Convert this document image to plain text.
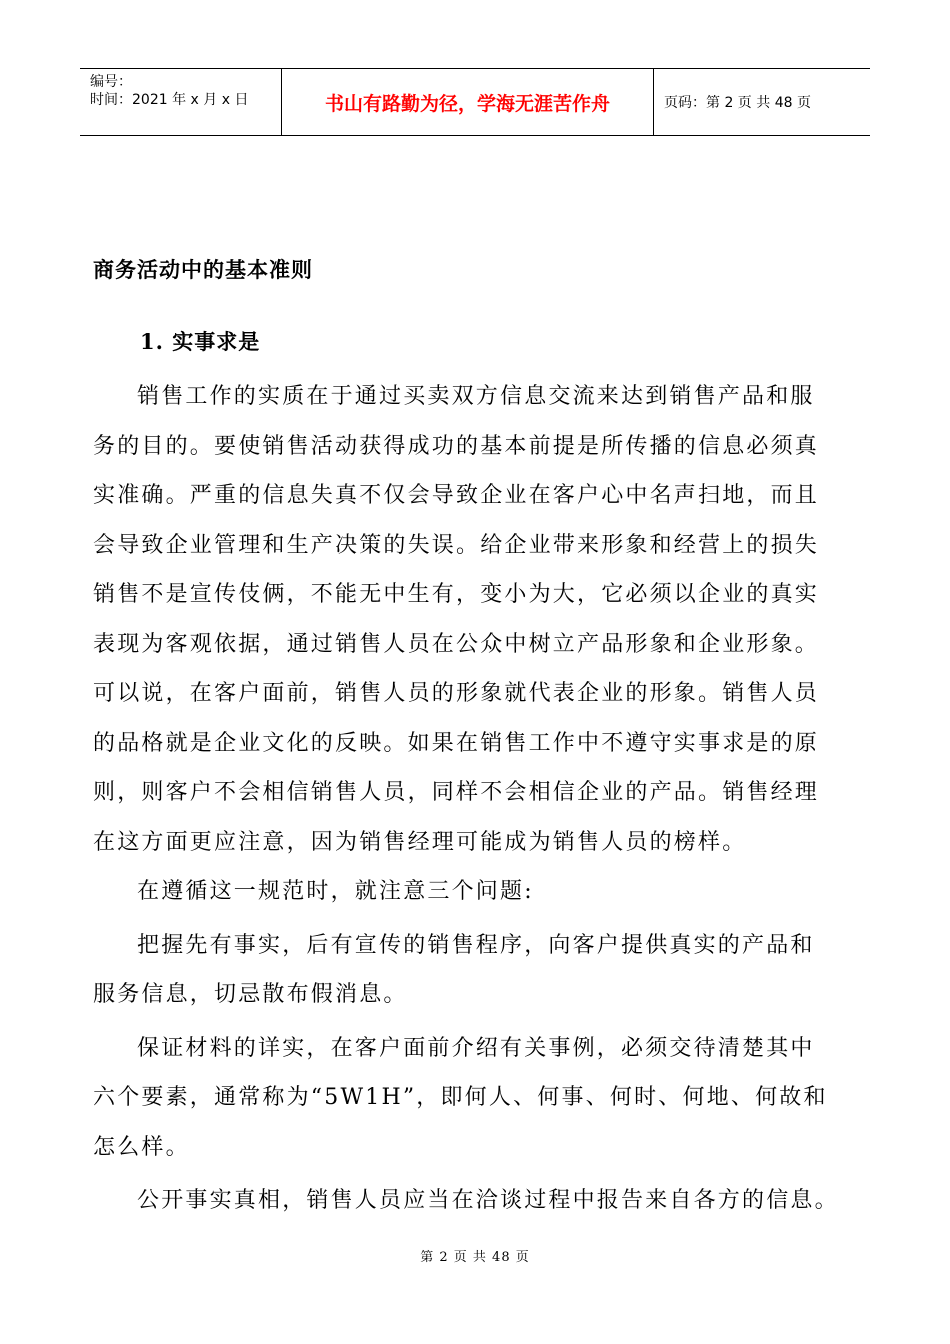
编号：
时间：2021 年 x 月 x 日	书山有路勤为径，学海无涯苦作舟	页码：第 2 页 共 48 页
商务活动中的基本准则
1. 实事求是

销售工作的实质在于通过买卖双方信息交流来达到销售产品和服
务的目的。要使销售活动获得成功的基本前提是所传播的信息必须真
实准确。严重的信息失真不仅会导致企业在客户心中名声扫地，而且
会导致企业管理和生产决策的失误。给企业带来形象和经营上的损失
销售不是宣传伎俩，不能无中生有，变小为大，它必须以企业的真实
表现为客观依据，通过销售人员在公众中树立产品形象和企业形象。
可以说，在客户面前，销售人员的形象就代表企业的形象。销售人员
的品格就是企业文化的反映。如果在销售工作中不遵守实事求是的原
则，则客户不会相信销售人员，同样不会相信企业的产品。销售经理
在这方面更应注意，因为销售经理可能成为销售人员的榜样。

在遵循这一规范时，就注意三个问题:

把握先有事实，后有宣传的销售程序，向客户提供真实的产品和
服务信息，切忌散布假消息。

保证材料的详实，在客户面前介绍有关事例，必须交待清楚其中
六个要素，通常称为“5W1H”，即何人、何事、何时、何地、何故和
怎么样。

公开事实真相，销售人员应当在洽谈过程中报告来自各方的信息。

第 2 页 共 48 页
